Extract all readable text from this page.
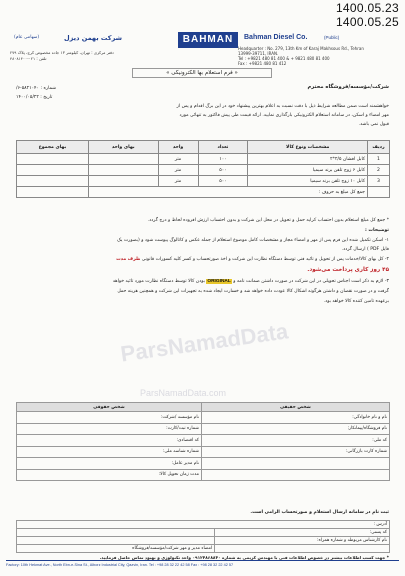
1400.05.23
1400.05.25
(سهامی عام)	شرکت بهمن دیزل	BAHMAN	Bahman Diesel Co.	(Public)
دفتر مرکزی : تهران، کیلومتر ۱۳ جاده مخصوص کرج، پلاک ۲۷۹
تلفن : ۰۲۱-۴۸۰۸۱۴۰۰
Headquarter : No. 279, 13th Km of Karaj Makhsous Rd., Tehran
13999-39711, IRAN.
Tel : +9821 480 81 400 & + 9821 480 81 400
Fax : +9821 480 81 412
« فرم استعلام بها الکترونیکی »
شرکت/مؤسسه/فروشگاه محترم
شماره : ۵۸۲۱۰۴۰-۶/
تاریخ : ۱۴۰۰/۰۵/۲۲
خواهشمند است ضمن مطالعه شرایط ذیل با دقت نسبت به اعلام بهترین پیشنهاد خود در این برگ اقدام و پس از
مهر امضاء و اسکن، در سامانه استعلام الکترونیکی بارگذاری نمایید. ارائه قیمت طی پیش فاکتور به تنهائی مورد
قبول نمی باشد.
ردیف	مشخصات ونوع کالا	تعداد	واحد	بهای واحد	بهای مجموع
1	کابل افشان ۲/۵*۲	۱۰۰	متر		
2	کابل ۶ زوج تلفن برند سیمیا	۵۰۰	متر		
3	کابل ۱۰ زوج تلفن برند سیمیا	۵۰۰	متر		
	جمع کل مبلغ به حروف :				
ParsNamadData
ParsNamadData.com
* جمع کل مبلغ استعلام بدون احتساب کرایه حمل و تحویل در محل این شرکت و بدون احتساب ارزش افزوده لحاظ و درج گردد.
توضیحات :
۱- اسکن تکمیل شده این فرم پس از مهر و امضاء مجاز و مشخصات کامل موضوع استعلام از جمله عکس و کاتالوگ پیوست شود و (بصورت یک
فایل PDF ) ارسال گردد.
۲- کل بهای کالا/خدمات پس از تحویل و تائید فنی توسط دستگاه نظارت این شرکت و اخذ صورتحساب و کسر کلیه کسورات قانونی ظرف مدت
۴۵ روز کاری پرداخت می‌شود.
۳- لازم به ذکر است اجناس تحویلی در این شرکت در صورت داشتن ضمانت نامه و ORIGINAL بودن کالا توسط دستگاه نظارت مورد تائید خواهد
گرفت و در صورت نقصان و داشتن هرگونه اشکال کالا عودت داده خواهد شد و خسارت ایجاد شده به تجهیزات این شرکت و همچنین هزینه حمل
برعهده تامین کننده کالا خواهد بود.
شخص حقیقی	شخص حقوقی
نام و نام خانوادگی:	نام مؤسسه /شرکت:
نام فروشگاه/پیمانکار:	شماره ثبت/کارت:
کد ملی:	کد اقتصادی:
شماره کارت بازرگانی:	شماره شناسه ملی:
	نام مدیر عامل:
	مدت زمان تحویل کالا:
آدرس :	
کد پستی:	
نام کارشناس مربوطه و شماره همراه:	
	امضاء مدیر و مهر شرکت/مؤسسه/فروشگاه
ثبت نام در سامانه ارسال استعلام و صورتحساب الزامی است.
* جهت کسب اطلاعات بیشتر در خصوص اطلاعات فنی با مهندس کریمی به شماره ۰۹۱۲۴۸۶۸۸۴۰ واحد تکنولوژی و بهبود تماس حاصل فرمایید.
Factory: 10th Hekmat Ave., North Ebn-e-Sina St., Alborz Industrial City, Qazvin, Iran. Tel : +98 28 32 22 42 58 Fax : +98 28 32 22 42 57
